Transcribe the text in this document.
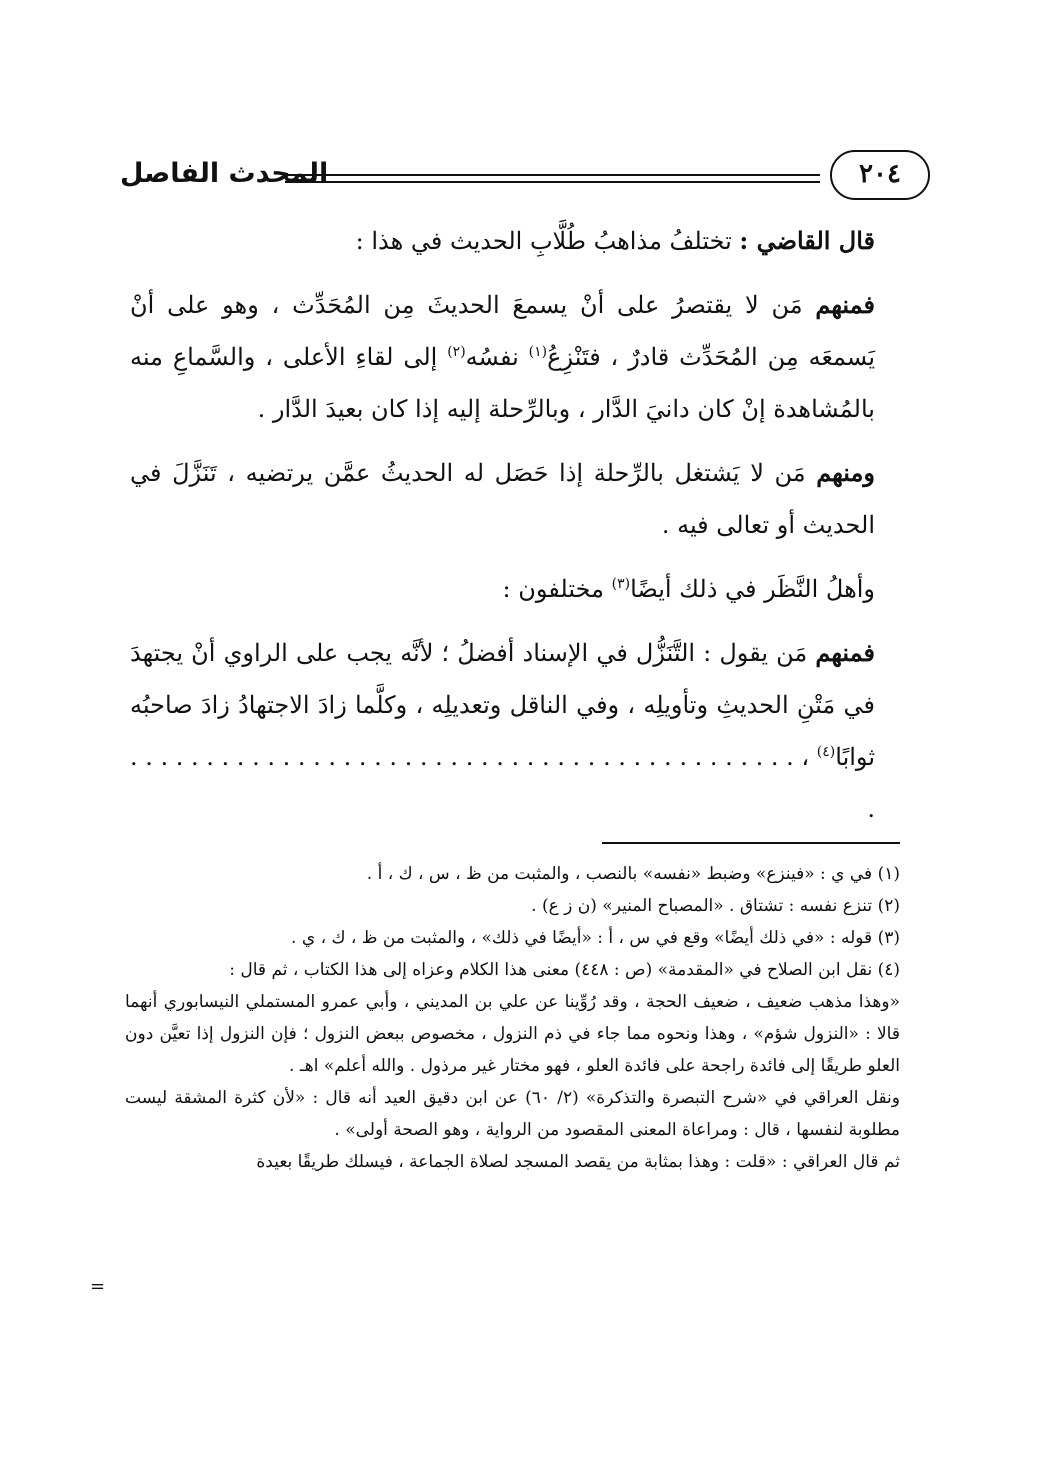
المحدث الفاصل	٢٠٤

قال القاضي : تختلفُ مذاهبُ طُلَّابِ الحديث في هذا :

فمنهم مَن لا يقتصرُ على أنْ يسمعَ الحديثَ مِن المُحَدِّث ، وهو على أنْ يَسمعَه مِن المُحَدِّث قادرٌ ، فتَنْزِعُ$^{(١)}$ نفسُه$^{(٢)}$ إلى لقاءِ الأعلى ، والسَّماعِ منه بالمُشاهدة إنْ كان دانيَ الدَّار ، وبالرِّحلة إليه إذا كان بعيدَ الدَّار .

ومنهم مَن لا يَشتغل بالرِّحلة إذا حَصَل له الحديثُ عمَّن يرتضيه ، تَنَزَّلَ في الحديث أو تعالى فيه .

وأهلُ النَّظَر في ذلك أيضًا$^{(٣)}$ مختلفون :

فمنهم مَن يقول : التَّنَزُّل في الإسناد أفضلُ ؛ لأنَّه يجب على الراوي أنْ يجتهدَ في مَتْنِ الحديثِ وتأويلِه ، وفي الناقل وتعديلِه ، وكلَّما زادَ الاجتهادُ زادَ صاحبُه ثوابًا$^{(٤)}$ ، . . . . . . . . . . . . . . . . . . . . . . . . . . . . . . . . . . . . . . . . . . . . .

(١) في ي : «فينزع» وضبط «نفسه» بالنصب ، والمثبت من ظ ، س ، ك ، أ .

(٢) تنزع نفسه : تشتاق . «المصباح المنير» (ن ز ع) .

(٣) قوله : «في ذلك أيضًا» وقع في س ، أ : «أيضًا في ذلك» ، والمثبت من ظ ، ك ، ي .

(٤) نقل ابن الصلاح في «المقدمة» (ص : ٤٤٨) معنى هذا الكلام وعزاه إلى هذا الكتاب ، ثم قال :

«وهذا مذهب ضعيف ، ضعيف الحجة ، وقد رُوِّينا عن علي بن المديني ، وأبي عمرو المستملي النيسابوري أنهما قالا : «النزول شؤم» ، وهذا ونحوه مما جاء في ذم النزول ، مخصوص ببعض النزول ؛ فإن النزول إذا تعيَّن دون العلو طريقًا إلى فائدة راجحة على فائدة العلو ، فهو مختار غير مرذول . والله أعلم» اهـ .

ونقل العراقي في «شرح التبصرة والتذكرة» (٢/ ٦٠) عن ابن دقيق العيد أنه قال : «لأن كثرة المشقة ليست مطلوبة لنفسها ، قال : ومراعاة المعنى المقصود من الرواية ، وهو الصحة أولى» .

ثم قال العراقي : «قلت : وهذا بمثابة من يقصد المسجد لصلاة الجماعة ، فيسلك طريقًا بعيدة

=
